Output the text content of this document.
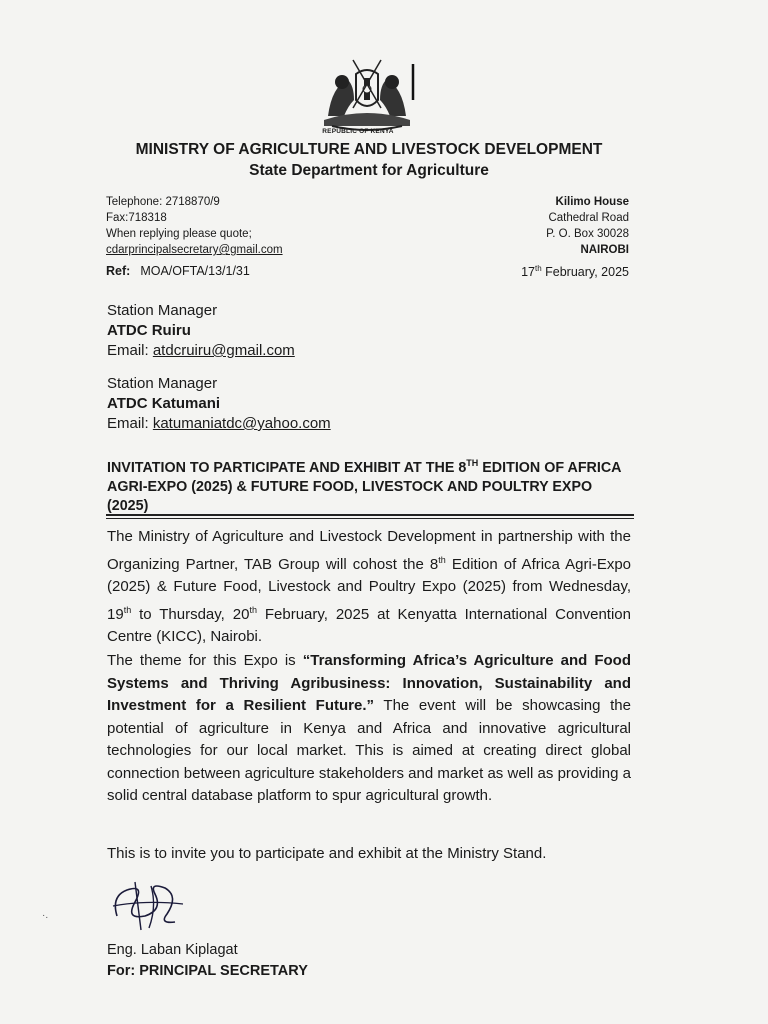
REPUBLIC OF KENYA
MINISTRY OF AGRICULTURE AND LIVESTOCK DEVELOPMENT
State Department for Agriculture
Telephone: 2718870/9
Fax:718318
When replying please quote;
cdarprincipalsecretary@gmail.com
Kilimo House
Cathedral Road
P. O. Box 30028
NAIROBI
Ref: MOA/OFTA/13/1/31	17th February, 2025
Station Manager
ATDC Ruiru
Email: atdcruiru@gmail.com
Station Manager
ATDC Katumani
Email: katumaniatdc@yahoo.com
INVITATION TO PARTICIPATE AND EXHIBIT AT THE 8TH EDITION OF AFRICA AGRI-EXPO (2025) & FUTURE FOOD, LIVESTOCK AND POULTRY EXPO (2025)
The Ministry of Agriculture and Livestock Development in partnership with the Organizing Partner, TAB Group will cohost the 8th Edition of Africa Agri-Expo (2025) & Future Food, Livestock and Poultry Expo (2025) from Wednesday, 19th to Thursday, 20th February, 2025 at Kenyatta International Convention Centre (KICC), Nairobi.
The theme for this Expo is “Transforming Africa’s Agriculture and Food Systems and Thriving Agribusiness: Innovation, Sustainability and Investment for a Resilient Future.” The event will be showcasing the potential of agriculture in Kenya and Africa and innovative agricultural technologies for our local market. This is aimed at creating direct global connection between agriculture stakeholders and market as well as providing a solid central database platform to spur agricultural growth.
This is to invite you to participate and exhibit at the Ministry Stand.
·.
Eng. Laban Kiplagat
For: PRINCIPAL SECRETARY
